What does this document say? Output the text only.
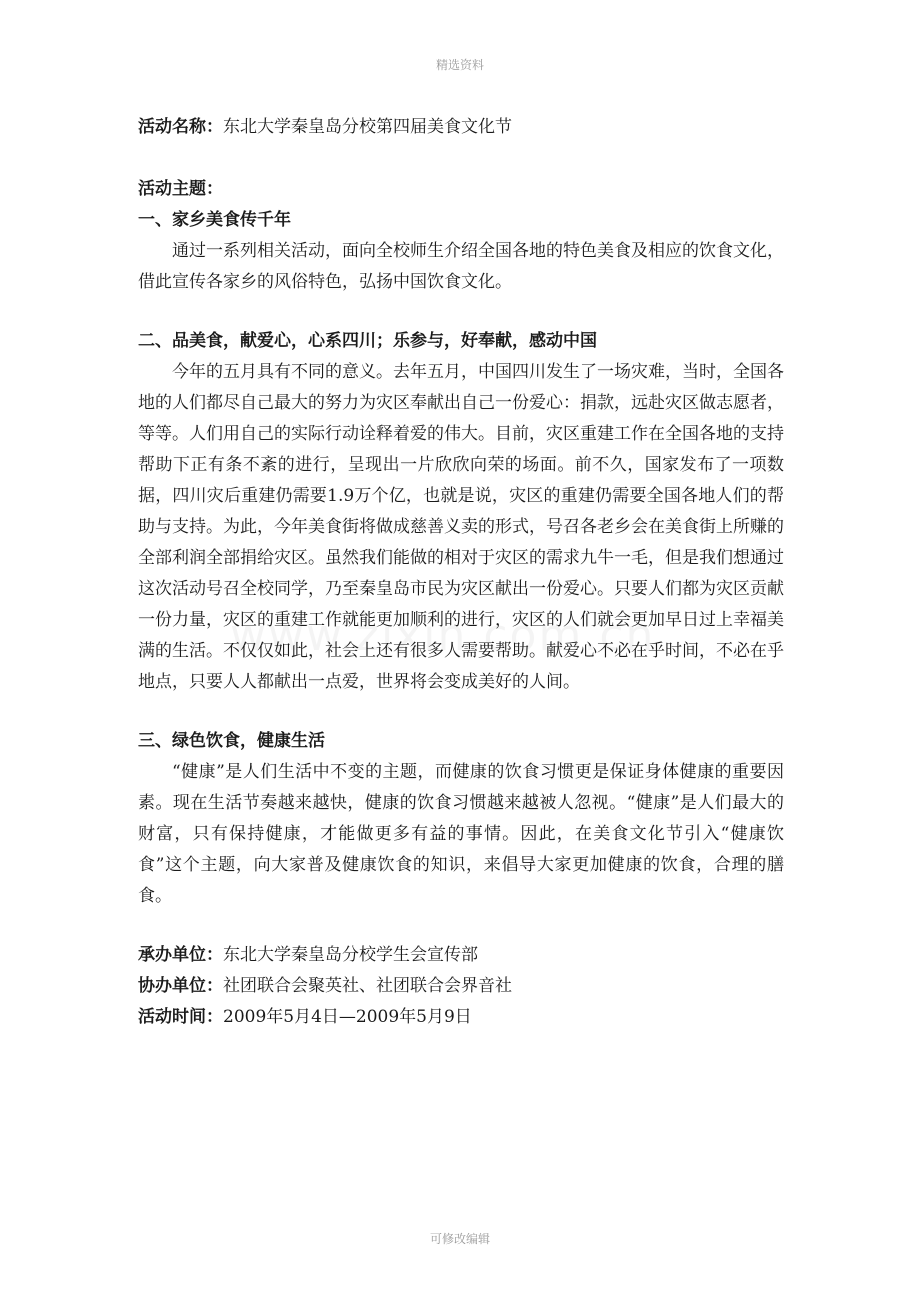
精选资料

活动名称：东北大学秦皇岛分校第四届美食文化节

活动主题：

一、家乡美食传千年

通过一系列相关活动，面向全校师生介绍全国各地的特色美食及相应的饮食文化，借此宣传各家乡的风俗特色，弘扬中国饮食文化。

二、品美食，献爱心，心系四川；乐参与，好奉献，感动中国

今年的五月具有不同的意义。去年五月，中国四川发生了一场灾难，当时，全国各地的人们都尽自己最大的努力为灾区奉献出自己一份爱心：捐款，远赴灾区做志愿者，等等。人们用自己的实际行动诠释着爱的伟大。目前，灾区重建工作在全国各地的支持帮助下正有条不紊的进行，呈现出一片欣欣向荣的场面。前不久，国家发布了一项数据，四川灾后重建仍需要1.9万个亿，也就是说，灾区的重建仍需要全国各地人们的帮助与支持。为此，今年美食街将做成慈善义卖的形式，号召各老乡会在美食街上所赚的全部利润全部捐给灾区。虽然我们能做的相对于灾区的需求九牛一毛，但是我们想通过这次活动号召全校同学，乃至秦皇岛市民为灾区献出一份爱心。只要人们都为灾区贡献一份力量，灾区的重建工作就能更加顺利的进行，灾区的人们就会更加早日过上幸福美满的生活。不仅仅如此，社会上还有很多人需要帮助。献爱心不必在乎时间，不必在乎地点，只要人人都献出一点爱，世界将会变成美好的人间。

三、绿色饮食，健康生活

“健康”是人们生活中不变的主题，而健康的饮食习惯更是保证身体健康的重要因素。现在生活节奏越来越快，健康的饮食习惯越来越被人忽视。“健康”是人们最大的财富，只有保持健康，才能做更多有益的事情。因此，在美食文化节引入“健康饮食”这个主题，向大家普及健康饮食的知识，来倡导大家更加健康的饮食，合理的膳食。

承办单位：东北大学秦皇岛分校学生会宣传部

协办单位：社团联合会聚英社、社团联合会界音社

活动时间：2009年5月4日—2009年5月9日

可修改编辑
